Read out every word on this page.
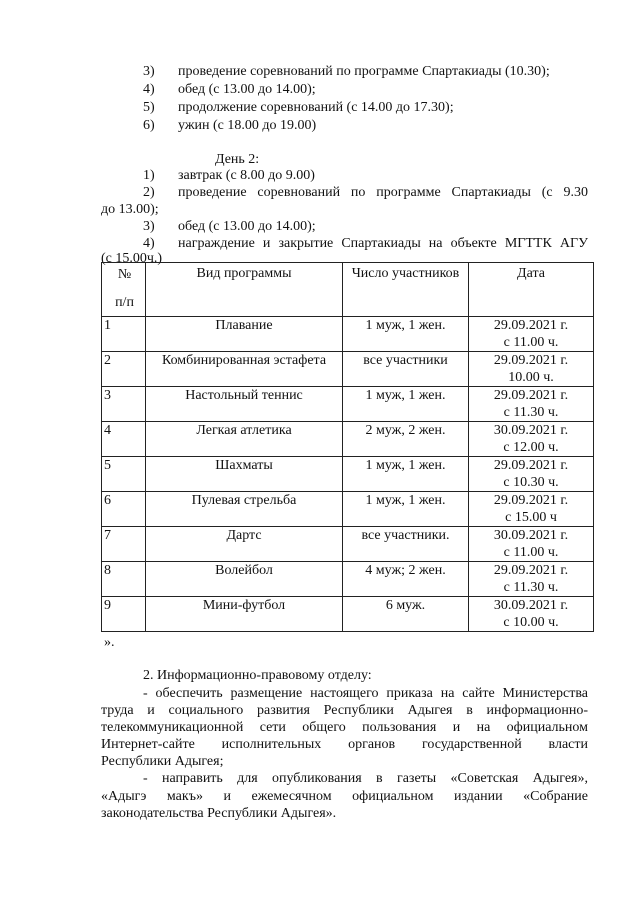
3)	проведение соревнований по программе Спартакиады (10.30);
4)	обед (с 13.00 до 14.00);
5)	продолжение соревнований (с 14.00 до 17.30);
6)	ужин (с 18.00 до 19.00)
День 2:
1)	завтрак (с 8.00 до 9.00)
2)	проведение соревнований по программе Спартакиады (с 9.30
до 13.00);
3)	обед (с 13.00 до 14.00);
4)	награждение и закрытие Спартакиады на объекте МГТТК АГУ
(с 15.00ч.)
№
п/п	Вид программы	Число участников	Дата
1	Плавание	1 муж, 1 жен.	29.09.2021 г.
с 11.00 ч.

2	Комбинированная эстафета	все участники	29.09.2021 г.
10.00 ч.

3	Настольный теннис	1 муж, 1 жен.	29.09.2021 г.
с 11.30 ч.

4	Легкая атлетика	2 муж, 2 жен.	30.09.2021 г.
с 12.00 ч.

5	Шахматы	1 муж, 1 жен.	29.09.2021 г.
с 10.30 ч.

6	Пулевая стрельба	1 муж, 1 жен.	29.09.2021 г.
с 15.00 ч

7	Дартс	все участники.	30.09.2021 г.
с 11.00 ч.

8	Волейбол	4 муж; 2 жен.	29.09.2021 г.
с 11.30 ч.

9	Мини-футбол	6 муж.	30.09.2021 г.
с 10.00 ч.
».
2. Информационно-правовому отделу:
- обеспечить размещение настоящего приказа на сайте Министерства
труда и социального развития Республики Адыгея в информационно-
телекоммуникационной сети общего пользования и на официальном
Интернет-сайте исполнительных органов государственной власти
Республики Адыгея;
- направить для опубликования в газеты «Советская Адыгея»,
«Адыгэ макъ» и ежемесячном официальном издании «Собрание
законодательства Республики Адыгея».
